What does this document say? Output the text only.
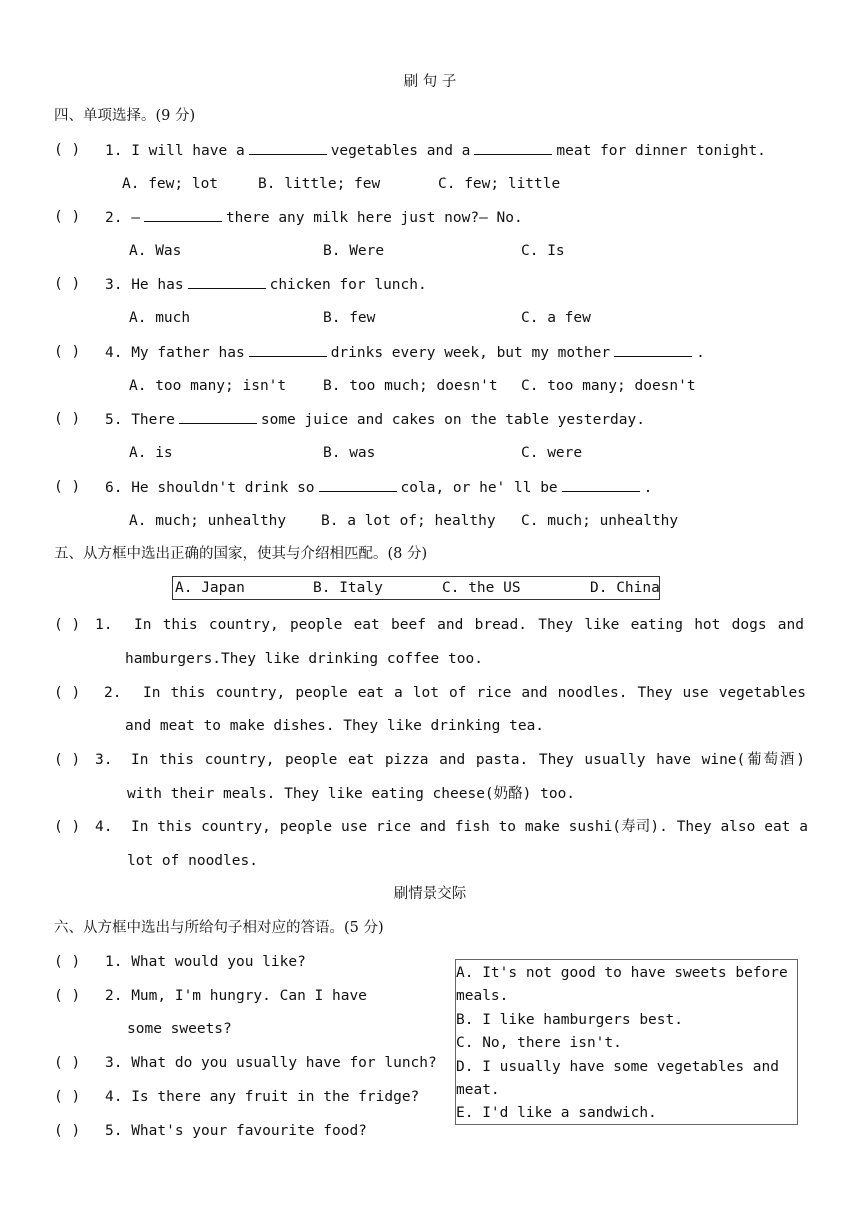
刷 句 子
四、单项选择。(9 分)
( ) 1. I will have a	vegetables and a	meat for dinner tonight.
A. few; lot	B. little; few	C. few; little
( ) 2. —	there any milk here just now?— No.
A. Was	B. Were	C. Is
( ) 3. He has	chicken for lunch.
A. much	B. few	C. a few
( ) 4. My father has	drinks every week, but my mother	.
A. too many; isn't	B. too much; doesn't C. too many; doesn't
( ) 5. There	some juice and cakes on the table yesterday.
A. is	B. was	C. were
( ) 6. He shouldn't drink so	cola, or he' ll be	.
A. much; unhealthy B. a lot of; healthy C. much; unhealthy
五、从方框中选出正确的国家，使其与介绍相匹配。(8 分)
A. Japan	B. Italy	C. the US	D. China
( ) 1. In this country, people eat beef and bread. They like eating hot dogs and
hamburgers.They like drinking coffee too.
( ) 2. In this country, people eat a lot of rice and noodles. They use vegetables
and meat to make dishes. They like drinking tea.
( ) 3. In this country, people eat pizza and pasta. They usually have wine(葡萄酒)
with their meals. They like eating cheese(奶酪) too.
( ) 4. In this country, people use rice and fish to make sushi(寿司). They also eat a
lot of noodles.
刷情景交际
六、从方框中选出与所给句子相对应的答语。(5 分)
( ) 1. What would you like?
( ) 2. Mum, I'm hungry. Can I have
some sweets?
( ) 3. What do you usually have for lunch?
( ) 4. Is there any fruit in the fridge?
( ) 5. What's your favourite food?
A. It's not good to have sweets before
meals.
B. I like hamburgers best.
C. No, there isn't.
D. I usually have some vegetables and
meat.
E. I'd like a sandwich.
